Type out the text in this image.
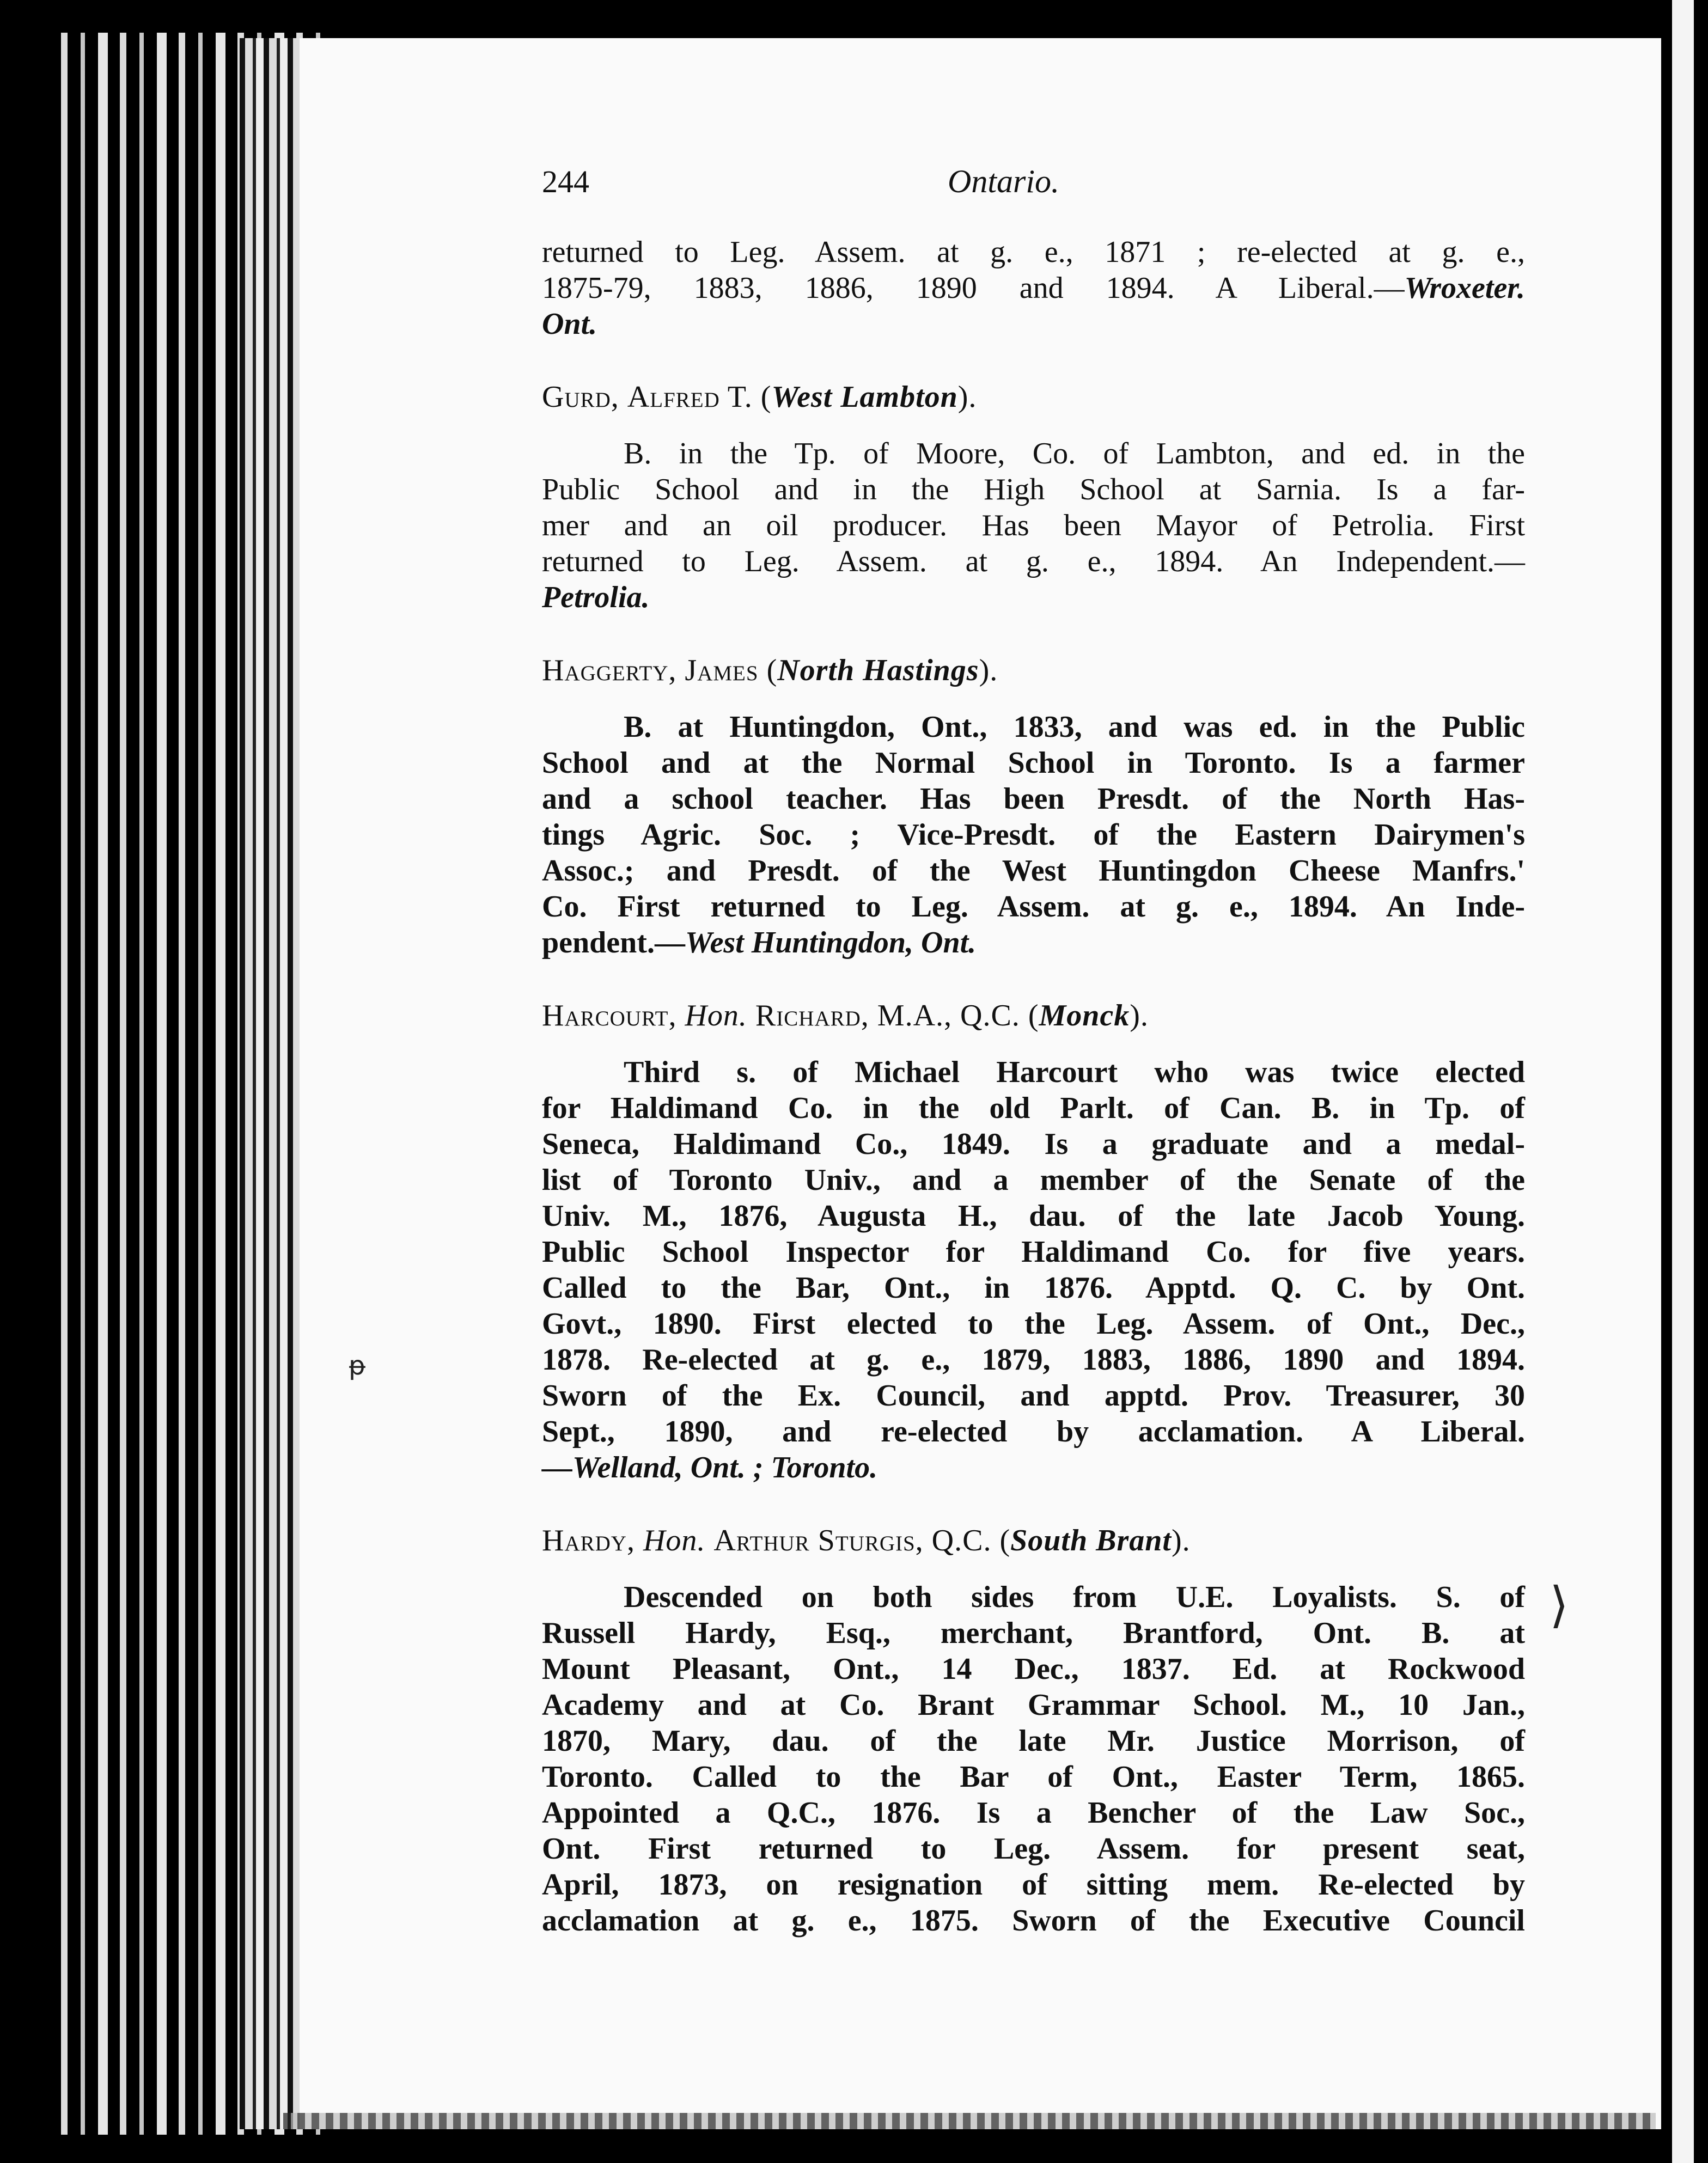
ᵽ
⟩
244	Ontario.
returned to Leg. Assem. at g. e., 1871 ; re-elected at g. e.,
1875-79, 1883, 1886, 1890 and 1894. A Liberal.—Wroxeter.
Ont.
Gurd, Alfred T. (West Lambton).
B. in the Tp. of Moore, Co. of Lambton, and ed. in the
Public School and in the High School at Sarnia. Is a far-
mer and an oil producer. Has been Mayor of Petrolia. First
returned to Leg. Assem. at g. e., 1894. An Independent.—
Petrolia.
Haggerty, James (North Hastings).
B. at Huntingdon, Ont., 1833, and was ed. in the Public
School and at the Normal School in Toronto. Is a farmer
and a school teacher. Has been Presdt. of the North Has-
tings Agric. Soc. ; Vice-Presdt. of the Eastern Dairymen's
Assoc.; and Presdt. of the West Huntingdon Cheese Manfrs.'
Co. First returned to Leg. Assem. at g. e., 1894. An Inde-
pendent.—West Huntingdon, Ont.
Harcourt, Hon. Richard, M.A., Q.C. (Monck).
Third s. of Michael Harcourt who was twice elected
for Haldimand Co. in the old Parlt. of Can. B. in Tp. of
Seneca, Haldimand Co., 1849. Is a graduate and a medal-
list of Toronto Univ., and a member of the Senate of the
Univ. M., 1876, Augusta H., dau. of the late Jacob Young.
Public School Inspector for Haldimand Co. for five years.
Called to the Bar, Ont., in 1876. Apptd. Q. C. by Ont.
Govt., 1890. First elected to the Leg. Assem. of Ont., Dec.,
1878. Re-elected at g. e., 1879, 1883, 1886, 1890 and 1894.
Sworn of the Ex. Council, and apptd. Prov. Treasurer, 30
Sept., 1890, and re-elected by acclamation. A Liberal.
—Welland, Ont. ; Toronto.
Hardy, Hon. Arthur Sturgis, Q.C. (South Brant).
Descended on both sides from U.E. Loyalists. S. of
Russell Hardy, Esq., merchant, Brantford, Ont. B. at
Mount Pleasant, Ont., 14 Dec., 1837. Ed. at Rockwood
Academy and at Co. Brant Grammar School. M., 10 Jan.,
1870, Mary, dau. of the late Mr. Justice Morrison, of
Toronto. Called to the Bar of Ont., Easter Term, 1865.
Appointed a Q.C., 1876. Is a Bencher of the Law Soc.,
Ont. First returned to Leg. Assem. for present seat,
April, 1873, on resignation of sitting mem. Re-elected by
acclamation at g. e., 1875. Sworn of the Executive Council
